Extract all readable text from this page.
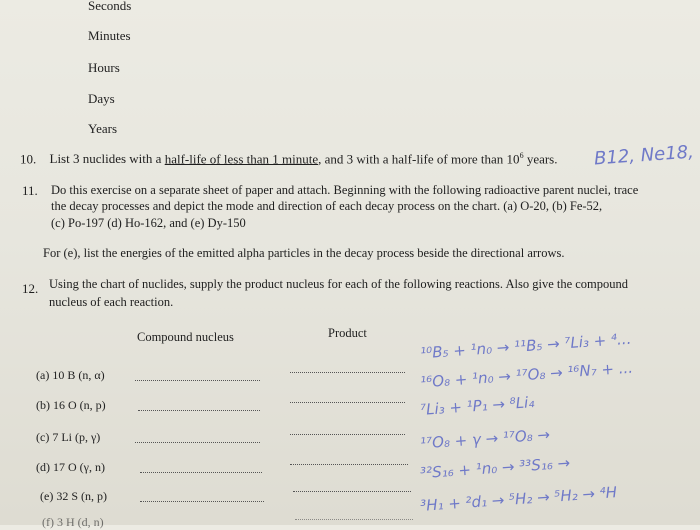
Seconds
Minutes
Hours
Days
Years
10. List 3 nuclides with a half-life of less than 1 minute, and 3 with a half-life of more than $10^6$ years. B12, Ne18,
11. Do this exercise on a separate sheet of paper and attach. Beginning with the following radioactive parent nuclei, trace
the decay processes and depict the mode and direction of each decay process on the chart. (a) O-20, (b) Fe-52,
(c) Po-197 (d) Ho-162, and (e) Dy-150
For (e), list the energies of the emitted alpha particles in the decay process beside the directional arrows.
12. Using the chart of nuclides, supply the product nucleus for each of the following reactions. Also give the compound
nucleus of each reaction.
Compound nucleus	Product
(a) 10 B (n, α)
¹⁰B₅ + ¹n₀ → ¹¹B₅ → ⁷Li₃ + ⁴...
(b) 16 O (n, p)
¹⁶O₈ + ¹n₀ → ¹⁷O₈ → ¹⁶N₇ + ...
(c) 7 Li (p, γ)
⁷Li₃ + ¹P₁ → ⁸Li₄
(d) 17 O (γ, n)
¹⁷O₈ + γ → ¹⁷O₈ →
(e) 32 S (n, p)
³²S₁₆ + ¹n₀ → ³³S₁₆ →
(f) 3 H (d, n)
³H₁ + ²d₁ → ⁵H₂ → ⁵H₂ → ⁴H
